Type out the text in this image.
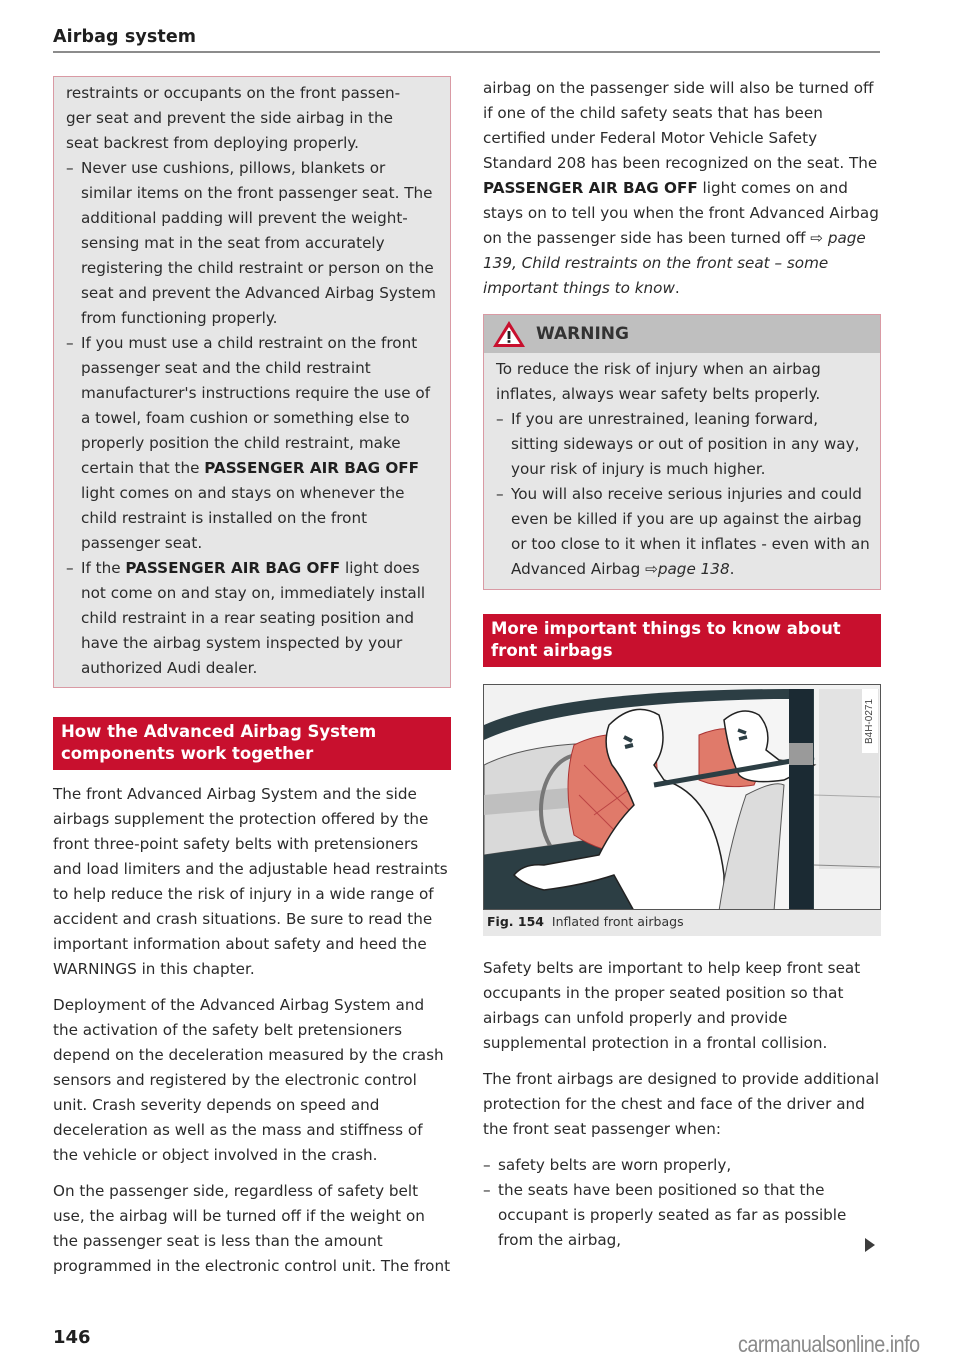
Airbag system
restraints or occupants on the front passen-
ger seat and prevent the side airbag in the
seat backrest from deploying properly.
– Never use cushions, pillows, blankets or similar items on the front passenger seat. The additional padding will prevent the weight-sensing mat in the seat from accurately registering the child restraint or person on the seat and prevent the Advanced Airbag System from functioning properly.
– If you must use a child restraint on the front passenger seat and the child restraint manufacturer's instructions require the use of a towel, foam cushion or something else to properly position the child restraint, make certain that the PASSENGER AIR BAG OFF light comes on and stays on whenever the child restraint is installed on the front passenger seat.
– If the PASSENGER AIR BAG OFF light does not come on and stay on, immediately install child restraint in a rear seating position and have the airbag system inspected by your authorized Audi dealer.
How the Advanced Airbag System components work together

The front Advanced Airbag System and the side airbags supplement the protection offered by the front three-point safety belts with pretensioners and load limiters and the adjustable head restraints to help reduce the risk of injury in a wide range of accident and crash situations. Be sure to read the important information about safety and heed the WARNINGS in this chapter.

Deployment of the Advanced Airbag System and the activation of the safety belt pretensioners depend on the deceleration measured by the crash sensors and registered by the electronic control unit. Crash severity depends on speed and deceleration as well as the mass and stiffness of the vehicle or object involved in the crash.

On the passenger side, regardless of safety belt use, the airbag will be turned off if the weight on the passenger seat is less than the amount programmed in the electronic control unit. The front

airbag on the passenger side will also be turned off if one of the child safety seats that has been certified under Federal Motor Vehicle Safety Standard 208 has been recognized on the seat. The PASSENGER AIR BAG OFF light comes on and stays on to tell you when the front Advanced Airbag on the passenger side has been turned off ⇨ page 139, Child restraints on the front seat – some important things to know.

WARNING
To reduce the risk of injury when an airbag inflates, always wear safety belts properly.
– If you are unrestrained, leaning forward, sitting sideways or out of position in any way, your risk of injury is much higher.
– You will also receive serious injuries and could even be killed if you are up against the airbag or too close to it when it inflates - even with an Advanced Airbag ⇨page 138.
More important things to know about front airbags
B4H-0271
Fig. 154 Inflated front airbags

Safety belts are important to help keep front seat occupants in the proper seated position so that airbags can unfold properly and provide supplemental protection in a frontal collision.

The front airbags are designed to provide additional protection for the chest and face of the driver and the front seat passenger when:

– safety belts are worn properly,
– the seats have been positioned so that the occupant is properly seated as far as possible from the airbag,
146	carmanualsonline.info
